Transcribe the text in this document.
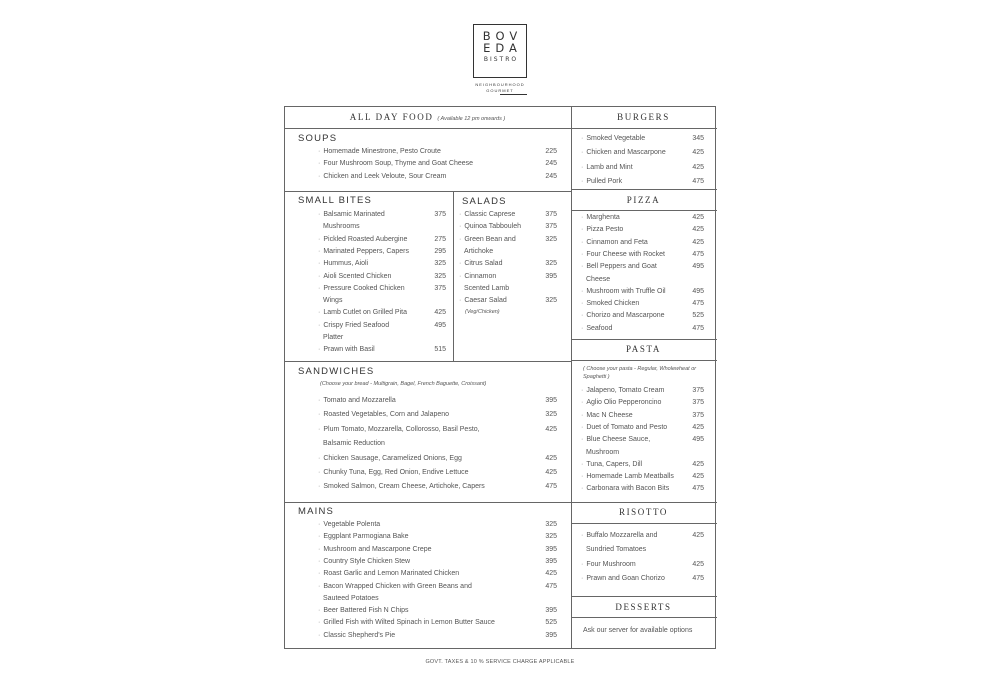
BOV
EDA
BISTRO
NEIGHBOURHOOD
GOURMET
ALL DAY FOOD ( Available 12 pm onwards )
SOUPS
· Homemade Minestrone, Pesto Croute	225
· Four Mushroom Soup, Thyme and Goat Cheese	245
· Chicken and Leek Veloute, Sour Cream	245
SMALL BITES
· Balsamic Marinated	375
Mushrooms
· Pickled Roasted Aubergine	275
· Marinated Peppers, Capers	295
· Hummus, Aioli	325
· Aioli Scented Chicken	325
· Pressure Cooked Chicken	375
Wings
· Lamb Cutlet on Grilled Pita	425
· Crispy Fried Seafood	495
Platter
· Prawn with Basil	515
SALADS
· Classic Caprese	375
· Quinoa Tabbouleh	375
· Green Bean and	325
Artichoke
· Citrus Salad	325
· Cinnamon	395
Scented Lamb
· Caesar Salad	325
(Veg/Chicken)
SANDWICHES
(Choose your bread - Multigrain, Bagel, French Baguette, Croissant)
· Tomato and Mozzarella	395
· Roasted Vegetables, Corn and Jalapeno	325
· Plum Tomato, Mozzarella, Collorosso, Basil Pesto,	425
Balsamic Reduction
· Chicken Sausage, Caramelized Onions, Egg	425
· Chunky Tuna, Egg, Red Onion, Endive Lettuce	425
· Smoked Salmon, Cream Cheese, Artichoke, Capers	475
MAINS
· Vegetable Polenta	325
· Eggplant Parmogiana Bake	325
· Mushroom and Mascarpone Crepe	395
· Country Style Chicken Stew	395
· Roast Garlic and Lemon Marinated Chicken	425
· Bacon Wrapped Chicken with Green Beans and	475
Sauteed Potatoes
· Beer Battered Fish N Chips	395
· Grilled Fish with Wilted Spinach in Lemon Butter Sauce	525
· Classic Shepherd's Pie	395
BURGERS
· Smoked Vegetable	345
· Chicken and Mascarpone	425
· Lamb and Mint	425
· Pulled Pork	475
PIZZA
· Marghenta	425
· Pizza Pesto	425
· Cinnamon and Feta	425
· Four Cheese with Rocket	475
· Bell Peppers and Goat	495
Cheese
· Mushroom with Truffle Oil	495
· Smoked Chicken	475
· Chorizo and Mascarpone	525
· Seafood	475
PASTA
( Choose your pasta - Regular, Wholewheat or
Spaghetti )
· Jalapeno, Tomato Cream	375
· Aglio Olio Pepperoncino	375
· Mac N Cheese	375
· Duet of Tomato and Pesto	425
· Blue Cheese Sauce,	495
Mushroom
· Tuna, Capers, Dill	425
· Homemade Lamb Meatballs	425
· Carbonara with Bacon Bits	475
RISOTTO
· Buffalo Mozzarella and	425
Sundried Tomatoes
· Four Mushroom	425
· Prawn and Goan Chorizo	475
DESSERTS
Ask our server for available options
GOVT. TAXES & 10 % SERVICE CHARGE APPLICABLE
